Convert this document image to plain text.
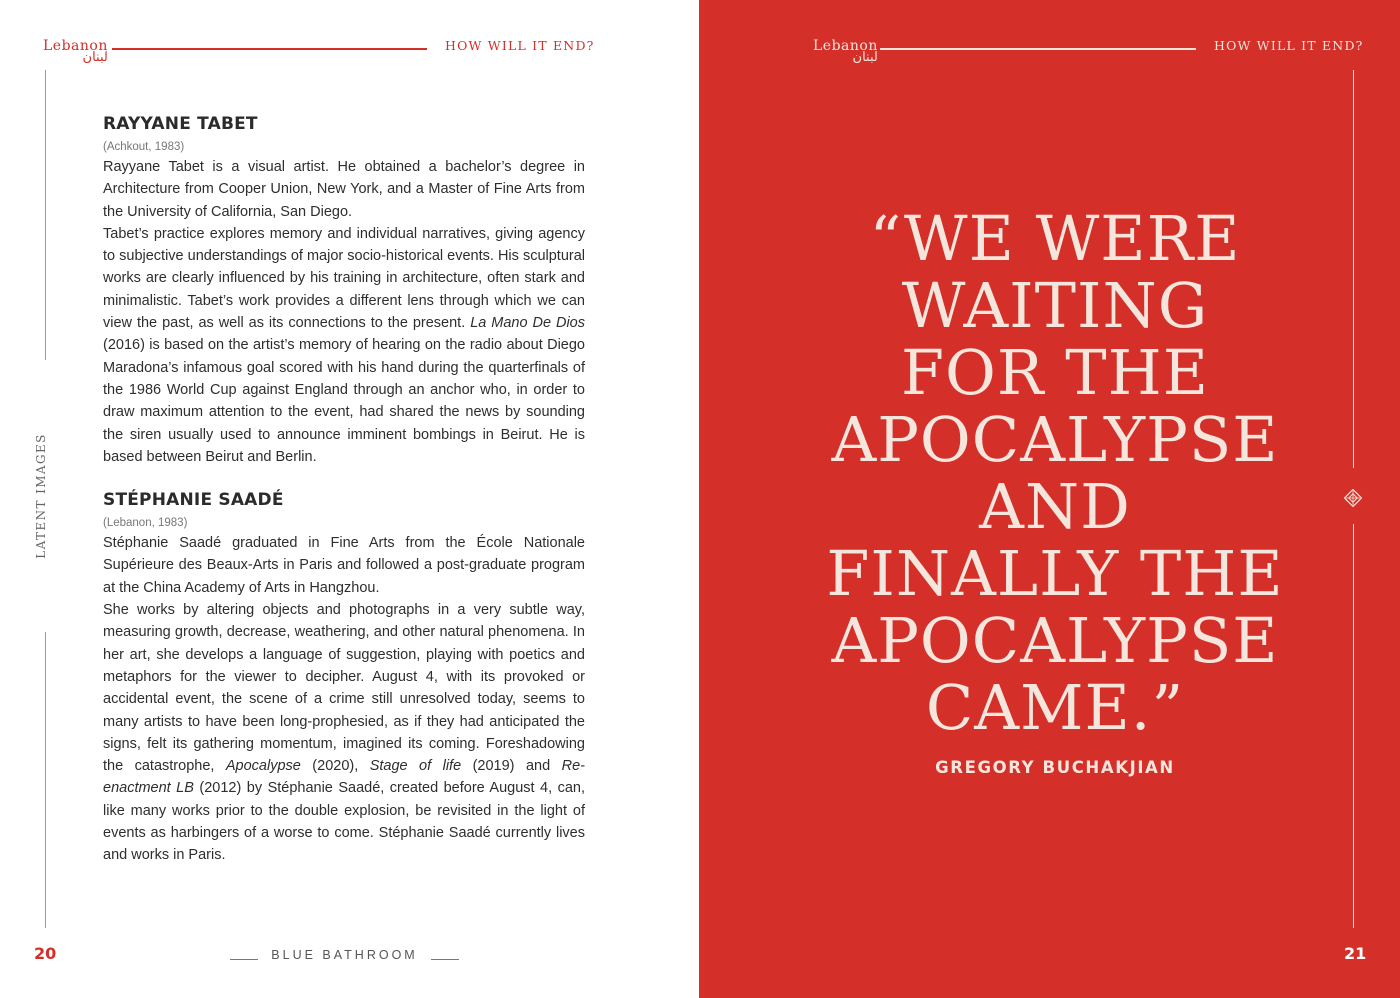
Lebanon
لبنان
HOW WILL IT END?
LATENT IMAGES
RAYYANE TABET

(Achkout, 1983)

Rayyane Tabet is a visual artist. He obtained a bachelor’s degree in Architecture from Cooper Union, New York, and a Master of Fine Arts from the University of California, San Diego.

Tabet’s practice explores memory and individual narratives, giving agency to subjective understandings of major socio-historical events. His sculptural works are clearly influenced by his training in architecture, often stark and minimalistic. Tabet’s work provides a different lens through which we can view the past, as well as its connections to the present. La Mano De Dios (2016) is based on the artist’s memory of hearing on the radio about Diego Maradona’s infamous goal scored with his hand during the quarterfinals of the 1986 World Cup against England through an anchor who, in order to draw maximum attention to the event, had shared the news by sounding the siren usually used to announce imminent bombings in Beirut. He is based between Beirut and Berlin.

STÉPHANIE SAADÉ

(Lebanon, 1983)

Stéphanie Saadé graduated in Fine Arts from the École Nationale Supérieure des Beaux-Arts in Paris and followed a post-graduate program at the China Academy of Arts in Hangzhou.

She works by altering objects and photographs in a very subtle way, measuring growth, decrease, weathering, and other natural phenomena. In her art, she develops a language of suggestion, playing with poetics and metaphors for the viewer to decipher. August 4, with its provoked or accidental event, the scene of a crime still unresolved today, seems to many artists to have been long-prophesied, as if they had anticipated the signs, felt its gathering momentum, imagined its coming. Foreshadowing the catastrophe, Apocalypse (2020), Stage of life (2019) and Re-enactment LB (2012) by Stéphanie Saadé, created before August 4, can, like many works prior to the double explosion, be revisited in the light of events as harbingers of a worse to come. Stéphanie Saadé currently lives and works in Paris.

20	BLUE BATHROOM
Lebanon
لبنان
HOW WILL IT END?
“WE WERE
WAITING
FOR THE
APOCALYPSE
AND
FINALLY THE
APOCALYPSE
CAME.”
GREGORY BUCHAKJIAN
21
